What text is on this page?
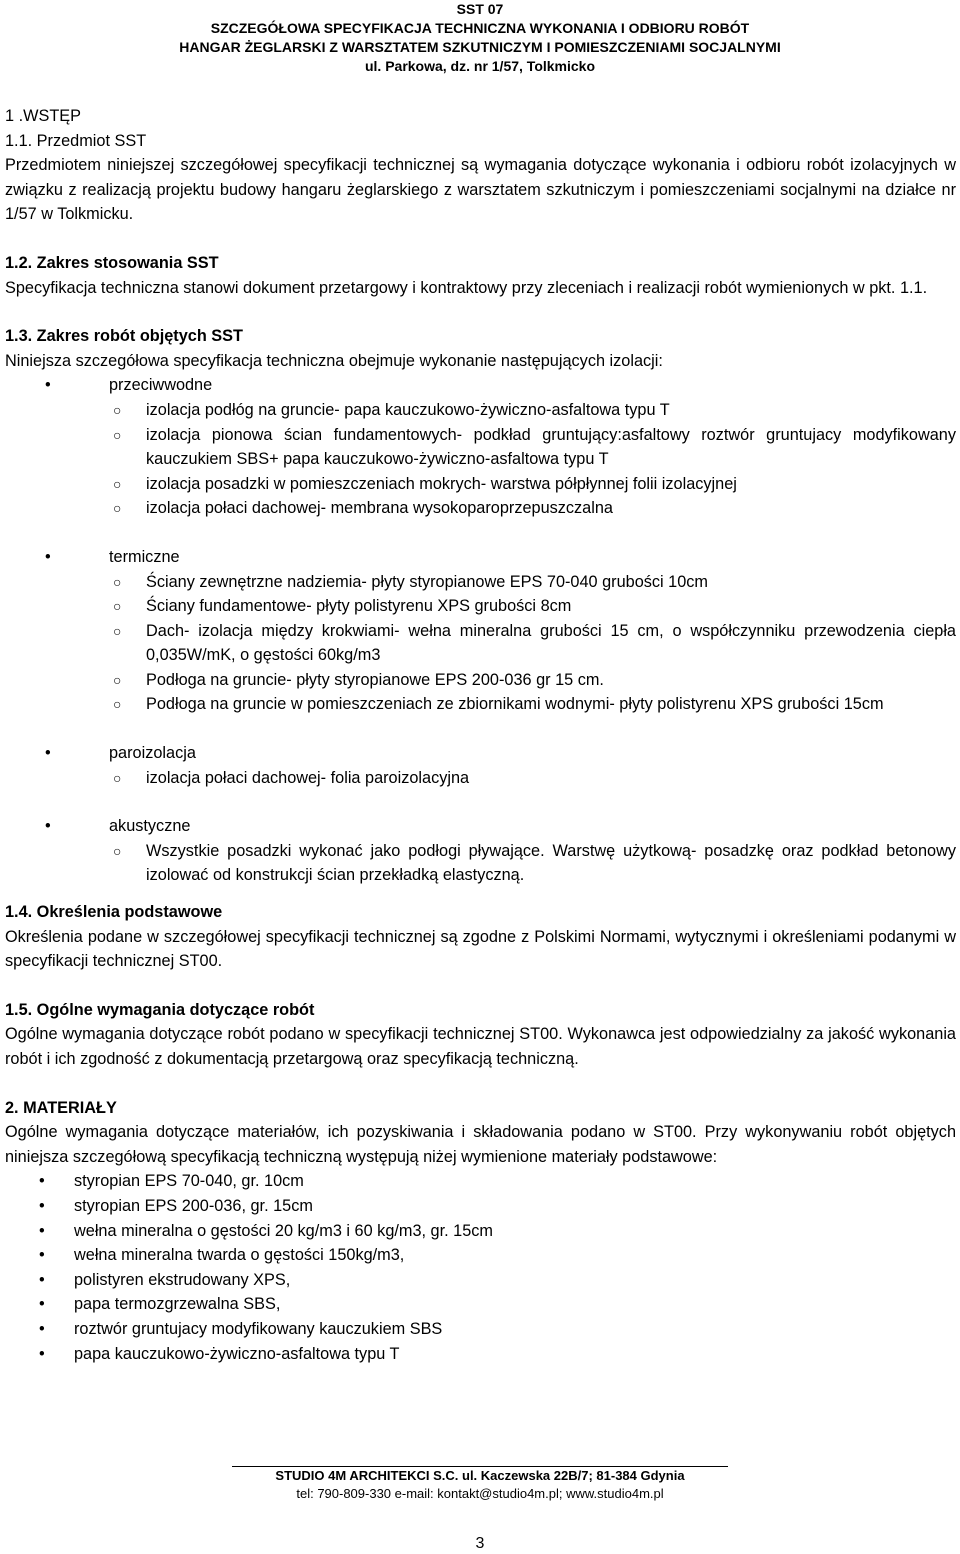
SST 07
SZCZEGÓŁOWA SPECYFIKACJA TECHNICZNA WYKONANIA I ODBIORU ROBÓT
HANGAR ŻEGLARSKI Z WARSZTATEM SZKUTNICZYM I POMIESZCZENIAMI SOCJALNYMI
ul. Parkowa, dz. nr 1/57, Tolkmicko

1 .WSTĘP

1.1. Przedmiot SST

Przedmiotem niniejszej szczegółowej specyfikacji technicznej są wymagania dotyczące wykonania i odbioru robót izolacyjnych w związku z realizacją projektu budowy hangaru żeglarskiego z warsztatem szkutniczym i pomieszczeniami socjalnymi na działce nr 1/57 w Tolkmicku.

1.2. Zakres stosowania SST

Specyfikacja techniczna stanowi dokument przetargowy i kontraktowy przy zleceniach i realizacji robót wymienionych w pkt. 1.1.

1.3. Zakres robót objętych SST

Niniejsza szczegółowa specyfikacja techniczna obejmuje wykonanie następujących izolacji:

•	przeciwwodne
○ izolacja podłóg na gruncie- papa kauczukowo-żywiczno-asfaltowa typu T
○ izolacja pionowa ścian fundamentowych- podkład gruntujący:asfaltowy roztwór gruntujacy modyfikowany kauczukiem SBS+ papa kauczukowo-żywiczno-asfaltowa typu T
○ izolacja posadzki w pomieszczeniach mokrych- warstwa półpłynnej folii izolacyjnej
○ izolacja połaci dachowej- membrana wysokoparoprzepuszczalna
•	termiczne
○ Ściany zewnętrzne nadziemia- płyty styropianowe EPS 70-040 grubości 10cm
○ Ściany fundamentowe- płyty polistyrenu XPS grubości 8cm
○ Dach- izolacja między krokwiami- wełna mineralna grubości 15 cm, o współczynniku przewodzenia ciepła 0,035W/mK, o gęstości 60kg/m3
○ Podłoga na gruncie- płyty styropianowe EPS 200-036 gr 15 cm.
○ Podłoga na gruncie w pomieszczeniach ze zbiornikami wodnymi- płyty polistyrenu XPS grubości 15cm
•	paroizolacja
○ izolacja połaci dachowej- folia paroizolacyjna
•	akustyczne
○ Wszystkie posadzki wykonać jako podłogi pływające. Warstwę użytkową- posadzkę oraz podkład betonowy izolować od konstrukcji ścian przekładką elastyczną.

1.4. Określenia podstawowe

Określenia podane w szczegółowej specyfikacji technicznej są zgodne z Polskimi Normami, wytycznymi i określeniami podanymi w specyfikacji technicznej ST00.

1.5. Ogólne wymagania dotyczące robót

Ogólne wymagania dotyczące robót podano w specyfikacji technicznej ST00. Wykonawca jest odpowiedzialny za jakość wykonania robót i ich zgodność z dokumentacją przetargową oraz specyfikacją techniczną.

2. MATERIAŁY

Ogólne wymagania dotyczące materiałów, ich pozyskiwania i składowania podano w ST00. Przy wykonywaniu robót objętych niniejsza szczegółową specyfikacją techniczną występują niżej wymienione materiały podstawowe:

• styropian EPS 70-040, gr. 10cm
• styropian EPS 200-036, gr. 15cm
• wełna mineralna o gęstości 20 kg/m3 i 60 kg/m3, gr. 15cm
• wełna mineralna twarda o gęstości 150kg/m3,
• polistyren ekstrudowany XPS,
• papa termozgrzewalna SBS,
• roztwór gruntujacy modyfikowany kauczukiem SBS
• papa kauczukowo-żywiczno-asfaltowa typu T
STUDIO 4M ARCHITEKCI S.C. ul. Kaczewska 22B/7; 81-384 Gdynia
tel: 790-809-330 e-mail: kontakt@studio4m.pl; www.studio4m.pl
3
